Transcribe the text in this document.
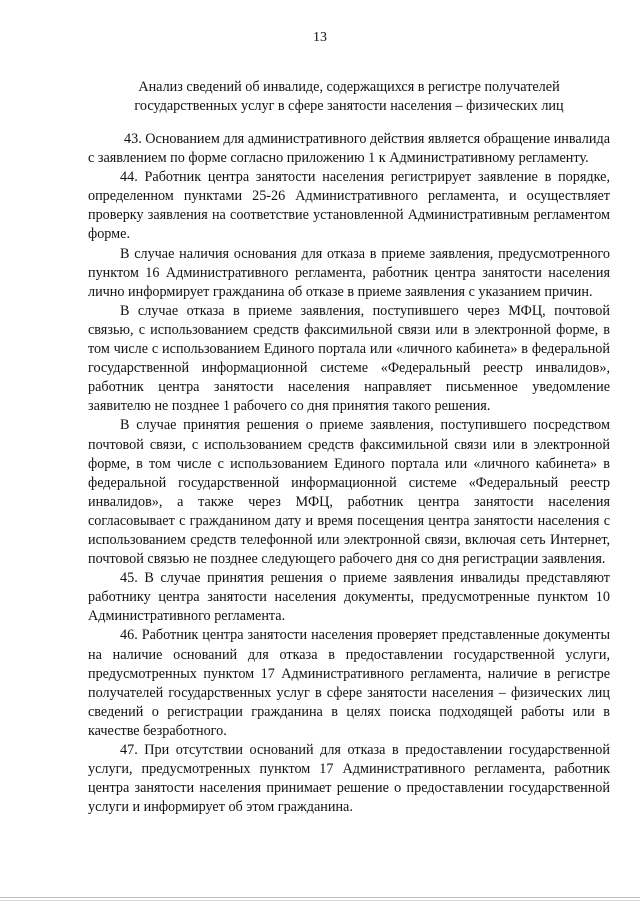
13
Анализ сведений об инвалиде, содержащихся в регистре получателей
государственных услуг в сфере занятости населения – физических лиц

43. Основанием для административного действия является обращение инвалида с заявлением по форме согласно приложению 1 к Административному регламенту.

44. Работник центра занятости населения регистрирует заявление в порядке, определенном пунктами 25-26 Административного регламента, и осуществляет проверку заявления на соответствие установленной Административным регламентом форме.

В случае наличия основания для отказа в приеме заявления, предусмотренного пунктом 16 Административного регламента, работник центра занятости населения лично информирует гражданина об отказе в приеме заявления с указанием причин.

В случае отказа в приеме заявления, поступившего через МФЦ, почтовой связью, с использованием средств факсимильной связи или в электронной форме, в том числе с использованием Единого портала или «личного кабинета» в федеральной государственной информационной системе «Федеральный реестр инвалидов», работник центра занятости населения направляет письменное уведомление заявителю не позднее 1 рабочего со дня принятия такого решения.

В случае принятия решения о приеме заявления, поступившего посредством почтовой связи, с использованием средств факсимильной связи или в электронной форме, в том числе с использованием Единого портала или «личного кабинета» в федеральной государственной информационной системе «Федеральный реестр инвалидов», а также через МФЦ, работник центра занятости населения согласовывает с гражданином дату и время посещения центра занятости населения с использованием средств телефонной или электронной связи, включая сеть Интернет, почтовой связью не позднее следующего рабочего дня со дня регистрации заявления.

45. В случае принятия решения о приеме заявления инвалиды представляют работнику центра занятости населения документы, предусмотренные пунктом 10 Административного регламента.

46. Работник центра занятости населения проверяет представленные документы на наличие оснований для отказа в предоставлении государственной услуги, предусмотренных пунктом 17 Административного регламента, наличие в регистре получателей государственных услуг в сфере занятости населения – физических лиц сведений о регистрации гражданина в целях поиска подходящей работы или в качестве безработного.

47. При отсутствии оснований для отказа в предоставлении государственной услуги, предусмотренных пунктом 17 Административного регламента, работник центра занятости населения принимает решение о предоставлении государственной услуги и информирует об этом гражданина.
